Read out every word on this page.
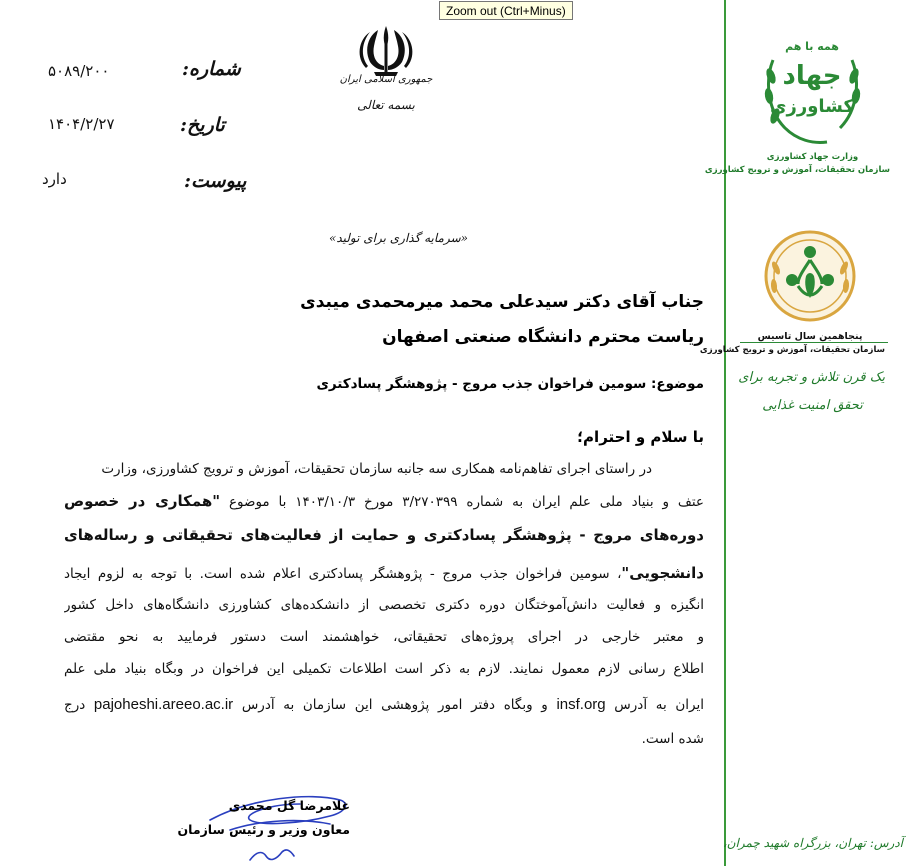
Zoom out (Ctrl+Minus)
شماره:
۵۰۸۹/۲۰۰
تاریخ:
۱۴۰۴/۲/۲۷
پیوست:
دارد
جمهوری اسلامی ایران
بسمه تعالی
«سرمایه گذاری برای تولید»
جناب آقای دکتر سیدعلی محمد میرمحمدی میبدی
ریاست محترم دانشگاه صنعتی اصفهان
موضوع: سومین فراخوان جذب مروج - پژوهشگر پسادکتری
با سلام و احترام؛
در راستای اجرای تفاهم‌نامه همکاری سه جانبه سازمان تحقیقات، آموزش و ترویج کشاورزی، وزارت
عتف و بنیاد ملی علم ایران به شماره ۳/۲۷۰۳۹۹ مورخ ۱۴۰۳/۱۰/۳ با موضوع "همکاری در خصوص
دوره‌های مروج - پژوهشگر پسادکتری و حمایت از فعالیت‌های تحقیقاتی و رساله‌های
دانشجویی"، سومین فراخوان جذب مروج - پژوهشگر پسادکتری اعلام شده است. با توجه به لزوم ایجاد
انگیزه و فعالیت دانش‌آموختگان دوره دکتری تخصصی از دانشکده‌های کشاورزی دانشگاه‌های داخل کشور
و معتبر خارجی در اجرای پروژه‌های تحقیقاتی، خواهشمند است دستور فرمایید به نحو مقتضی
اطلاع رسانی لازم معمول نمایند. لازم به ذکر است اطلاعات تکمیلی این فراخوان در وبگاه بنیاد ملی علم
ایران به آدرس insf.org و وبگاه دفتر امور پژوهشی این سازمان به آدرس pajoheshi.areeo.ac.ir درج
شده است.
غلامرضا گل محمدی
معاون وزیر و رئیس سازمان
همه با هم
جهاد
کشاورزی
وزارت جهاد کشاورزی
سازمان تحقیقات، آموزش و ترویج کشاورزی
پنجاهمین سال تاسیس
سازمان تحقیقات، آموزش و ترویج کشاورزی
یک قرن تلاش و تجربه برای
تحقق امنیت غذایی
آدرس: تهران، بزرگراه شهید چمران،
